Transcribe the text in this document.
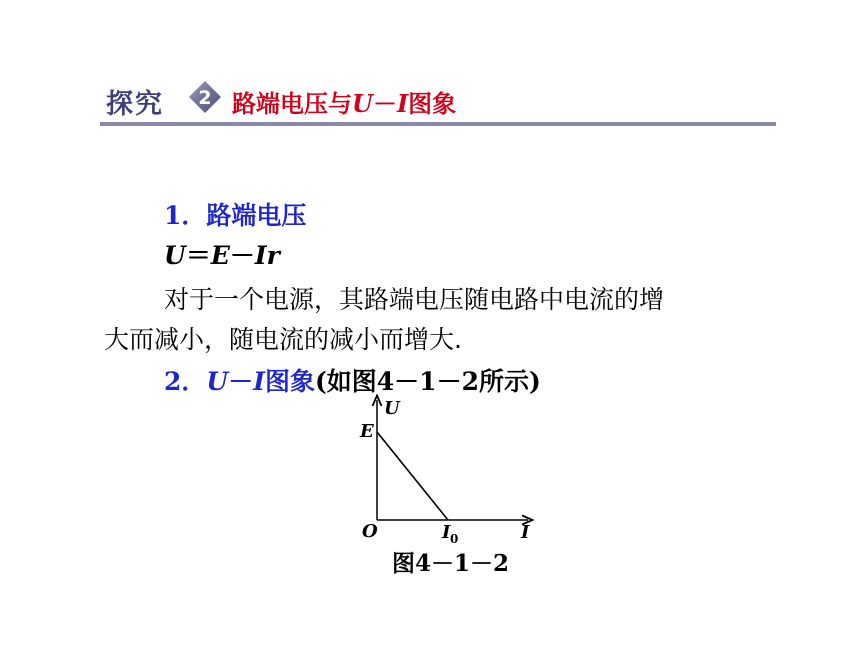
探究 2 路端电压与U－I图象
1．路端电压
U＝E－Ir
对于一个电源，其路端电压随电路中电流的增
大而减小，随电流的减小而增大.
2．U－I图象(如图4－1－2所示)
U
E
O	I 0	I
图4－1－2
